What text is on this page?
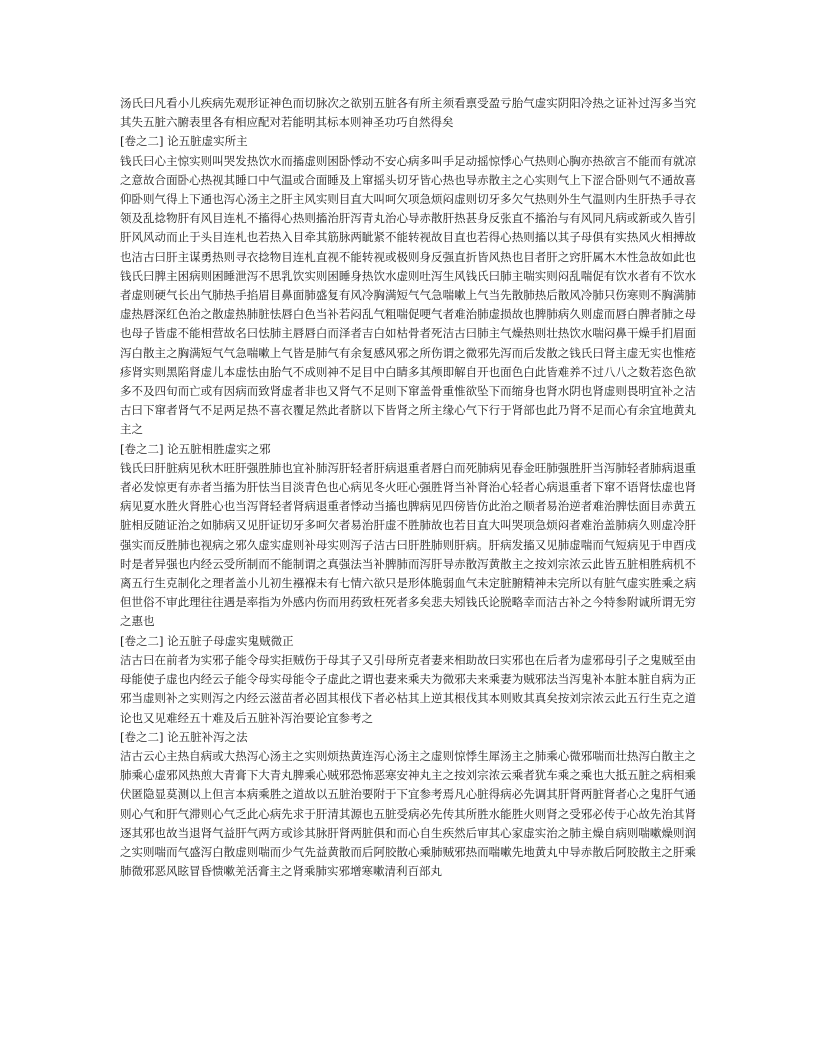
汤氏曰凡看小儿疾病先观形证神色而切脉次之欲别五脏各有所主须看禀受盈亏胎气虚实阴阳冷热之证补过泻多当究其失五脏六腑表里各有相应配对若能明其标本则神圣功巧自然得矣

[卷之二] 论五脏虚实所主

钱氏曰心主惊实则叫哭发热饮水而搐虚则困卧悸动不安心病多叫手足动摇惊悸心气热则心胸亦热欲言不能而有就凉之意故合面卧心热视其睡口中气温或合面睡及上窜摇头切牙皆心热也导赤散主之心实则气上下涩合卧则气不通故喜仰卧则气得上下通也泻心汤主之肝主风实则目直大叫呵欠项急烦闷虚则切牙多欠气热则外生气温则内生肝热手寻衣领及乱捻物肝有风目连札不搐得心热则搐治肝泻青丸治心导赤散肝热甚身反张直不搐治与有风同凡病或新或久皆引肝风风动而止于头目连札也若热入目牵其筋脉两眦紧不能转视故目直也若得心热则搐以其子母俱有实热风火相搏故也洁古曰肝主谋勇热则寻衣捻物目连札直视不能转视或极则身反强直折皆风热也目者肝之窍肝属木木性急故如此也钱氏曰脾主困病则困睡泄泻不思乳饮实则困睡身热饮水虚则吐泻生风钱氏曰肺主喘实则闷乱喘促有饮水者有不饮水者虚则硬气长出气肺热手掐眉目鼻面肺盛复有风冷胸满短气气急喘嗽上气当先散肺热后散风冷肺只伤寒则不胸满肺虚热唇深红色治之散虚热肺脏怯唇白色当补若闷乱气粗喘促哽气者难治肺虚损故也脾肺病久则虚而唇白脾者肺之母也母子皆虚不能相营故名曰怯肺主唇唇白而泽者吉白如枯骨者死洁古曰肺主气燥热则壮热饮水喘闷鼻干燥手扪眉面泻白散主之胸满短气气急喘嗽上气皆是肺气有余复感风邪之所伤谓之微邪先泻而后发散之钱氏曰肾主虚无实也惟疮疹肾实则黑陷肾虚儿本虚怯由胎气不成则神不足目中白睛多其颅即解自开也面色白此皆难养不过八八之数若恣色欲多不及四旬而亡或有因病而致肾虚者非也又肾气不足则下窜盖骨重惟欲坠下而缩身也肾水阴也肾虚则畏明宜补之洁古曰下窜者肾气不足两足热不喜衣覆足然此者脐以下皆肾之所主缘心气下行于肾部也此乃肾不足而心有余宜地黄丸主之

[卷之二] 论五脏相胜虚实之邪

钱氏曰肝脏病见秋木旺肝强胜肺也宜补肺泻肝轻者肝病退重者唇白而死肺病见春金旺肺强胜肝当泻肺轻者肺病退重者必发惊更有赤者当搐为肝怯当目淡青色也心病见冬火旺心强胜肾当补肾治心轻者心病退重者下窜不语肾怯虚也肾病见夏水胜火肾胜心也当泻肾轻者肾病退重者悸动当搐也脾病见四傍皆仿此治之顺者易治逆者难治脾怯面目赤黄五脏相反随证治之如肺病又见肝证切牙多呵欠者易治肝虚不胜肺故也若目直大叫哭项急烦闷者难治盖肺病久则虚冷肝强实而反胜肺也视病之邪久虚实虚则补母实则泻子洁古曰肝胜肺则肝病。肝病发搐又见肺虚喘而气短病见于申酉戌时是者异强也内经云受所制而不能制谓之真强法当补脾肺而泻肝导赤散泻黄散主之按刘宗浓云此皆五脏相胜病机不离五行生克制化之理者盖小儿初生襁褓未有七情六欲只是形体脆弱血气未定脏腑精神未完所以有脏气虚实胜乘之病但世俗不审此理往往遇是率指为外感内伤而用药致枉死者多矣悲夫矧钱氏论脱略幸而洁古补之今特参附诚所谓无穷之惠也

[卷之二] 论五脏子母虚实鬼贼微正

洁古曰在前者为实邪子能令母实拒贼伤于母其子又引母所克者妻来相助故曰实邪也在后者为虚邪母引子之鬼贼至由母能使子虚也内经云子能令母实母能令子虚此之谓也妻来乘夫为微邪夫来乘妻为贼邪法当泻鬼补本脏本脏自病为正邪当虚则补之实则泻之内经云滋苗者必固其根伐下者必枯其上逆其根伐其本则败其真矣按刘宗浓云此五行生克之道论也又见难经五十难及后五脏补泻治要论宜参考之

[卷之二] 论五脏补泻之法

洁古云心主热自病或大热泻心汤主之实则烦热黄连泻心汤主之虚则惊悸生犀汤主之肺乘心微邪喘而壮热泻白散主之肺乘心虚邪风热煎大青膏下大青丸脾乘心贼邪恐怖恶寒安神丸主之按刘宗浓云乘者犹车乘之乘也大抵五脏之病相乘伏匿隐显莫测以上但言本病乘胜之道故以五脏治要附于下宜参考焉凡心脏得病必先调其肝肾两脏肾者心之鬼肝气通则心气和肝气滞则心气乏此心病先求于肝清其源也五脏受病必先传其所胜水能胜火则肾之受邪必传于心故先治其肾逐其邪也故当退肾气益肝气两方或诊其脉肝肾两脏俱和而心自生疾然后审其心家虚实治之肺主燥自病则喘嗽燥则润之实则喘而气盛泻白散虚则喘而少气先益黄散而后阿胶散心乘肺贼邪热而喘嗽先地黄丸中导赤散后阿胶散主之肝乘肺微邪恶风眩冒昏愦嗽羌活膏主之肾乘肺实邪增寒嗽清利百部丸
